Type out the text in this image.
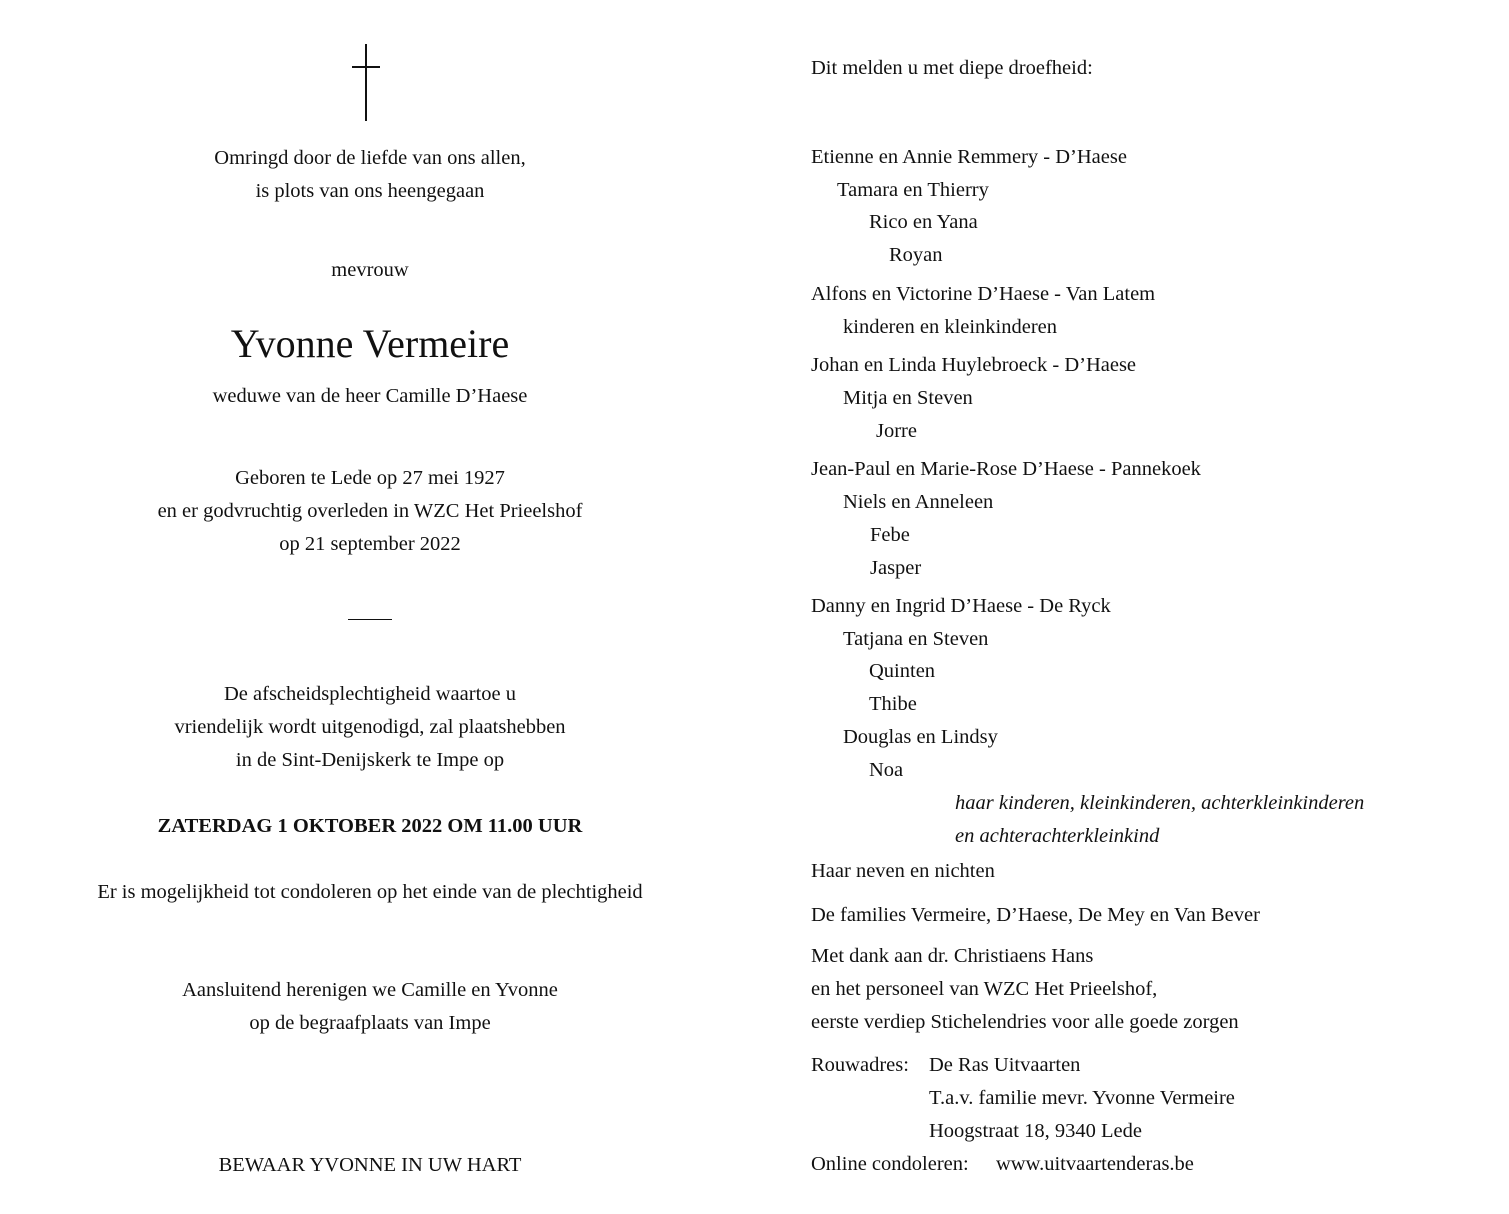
Omringd door de liefde van ons allen,
is plots van ons heengegaan
mevrouw
Yvonne Vermeire
weduwe van de heer Camille D’Haese
Geboren te Lede op 27 mei 1927
en er godvruchtig overleden in WZC Het Prieelshof
op 21 september 2022
De afscheidsplechtigheid waartoe u
vriendelijk wordt uitgenodigd, zal plaatshebben
in de Sint-Denijskerk te Impe op
ZATERDAG 1 OKTOBER 2022 OM 11.00 UUR
Er is mogelijkheid tot condoleren op het einde van de plechtigheid
Aansluitend herenigen we Camille en Yvonne
op de begraafplaats van Impe
BEWAAR YVONNE IN UW HART
Dit melden u met diepe droefheid:
Etienne en Annie Remmery - D’Haese
Tamara en Thierry
Rico en Yana
Royan
Alfons en Victorine D’Haese - Van Latem
kinderen en kleinkinderen
Johan en Linda Huylebroeck - D’Haese
Mitja en Steven
Jorre
Jean-Paul en Marie-Rose D’Haese - Pannekoek
Niels en Anneleen
Febe
Jasper
Danny en Ingrid D’Haese - De Ryck
Tatjana en Steven
Quinten
Thibe
Douglas en Lindsy
Noa
haar kinderen, kleinkinderen, achterkleinkinderen
en achterachterkleinkind
Haar neven en nichten
De families Vermeire, D’Haese, De Mey en Van Bever
Met dank aan dr. Christiaens Hans
en het personeel van WZC Het Prieelshof,
eerste verdiep Stichelendries voor alle goede zorgen
Rouwadres: De Ras Uitvaarten
T.a.v. familie mevr. Yvonne Vermeire
Hoogstraat 18, 9340 Lede
Online condoleren: www.uitvaartenderas.be
